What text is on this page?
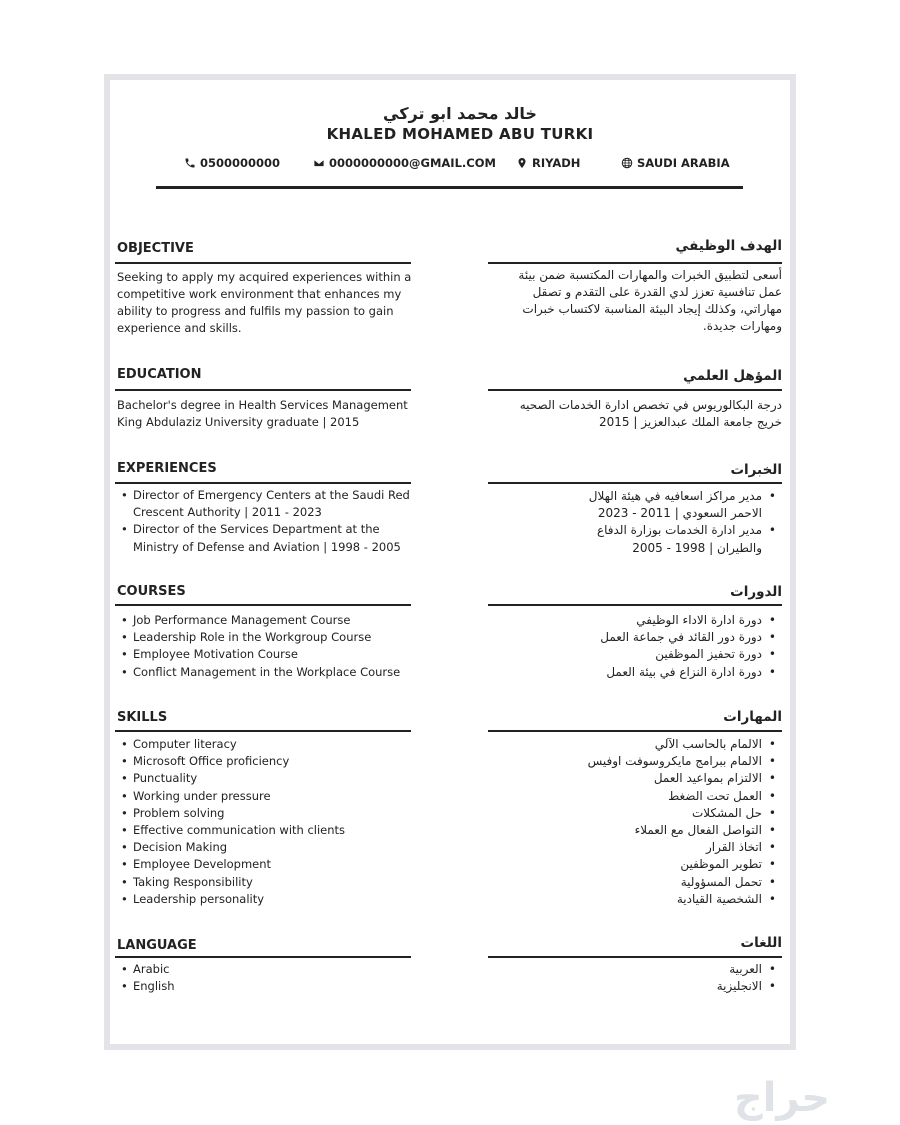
خالد محمد ابو تركي
KHALED MOHAMED ABU TURKI
0500000000	0000000000@GMAIL.COM	RIYADH	SAUDI ARABIA
OBJECTIVE	الهدف الوظيفي
Seeking to apply my acquired experiences within a competitive work environment that enhances my ability to progress and fulfils my passion to gain experience and skills.
أسعى لتطبيق الخبرات والمهارات المكتسبة ضمن بيئة عمل تنافسية تعزز لدي القدرة على التقدم و تصقل مهاراتي، وكذلك إيجاد البيئة المناسبة لاكتساب خبرات ومهارات جديدة.
EDUCATION	المؤهل العلمي
Bachelor's degree in Health Services Management
King Abdulaziz University graduate | 2015
درجة البكالوريوس في تخصص ادارة الخدمات الصحيه
خريج جامعة الملك عبدالعزيز | 2015
EXPERIENCES	الخبرات
• Director of Emergency Centers at the Saudi Red Crescent Authority | 2011 - 2023
• Director of the Services Department at the Ministry of Defense and Aviation | 1998 - 2005
• مدير مراكز اسعافيه في هيئة الهلال الاحمر السعودي | 2011 - 2023
• مدير ادارة الخدمات بوزارة الدفاع والطيران | 1998 - 2005
COURSES	الدورات
• Job Performance Management Course
• Leadership Role in the Workgroup Course
• Employee Motivation Course
• Conflict Management in the Workplace Course
• دورة ادارة الاداء الوظيفي
• دورة دور القائد في جماعة العمل
• دورة تحفيز الموظفين
• دورة ادارة النزاع في بيئة العمل
SKILLS	المهارات
• Computer literacy
• Microsoft Office proficiency
• Punctuality
• Working under pressure
• Problem solving
• Effective communication with clients
• Decision Making
• Employee Development
• Taking Responsibility
• Leadership personality
• الالمام بالحاسب الآلي
• الالمام ببرامج مايكروسوفت اوفيس
• الالتزام بمواعيد العمل
• العمل تحت الضغط
• حل المشكلات
• التواصل الفعال مع العملاء
• اتخاذ القرار
• تطوير الموظفين
• تحمل المسؤولية
• الشخصية القيادية
LANGUAGE	اللغات
• Arabic
• English
• العربية
• الانجليزية
حراج
